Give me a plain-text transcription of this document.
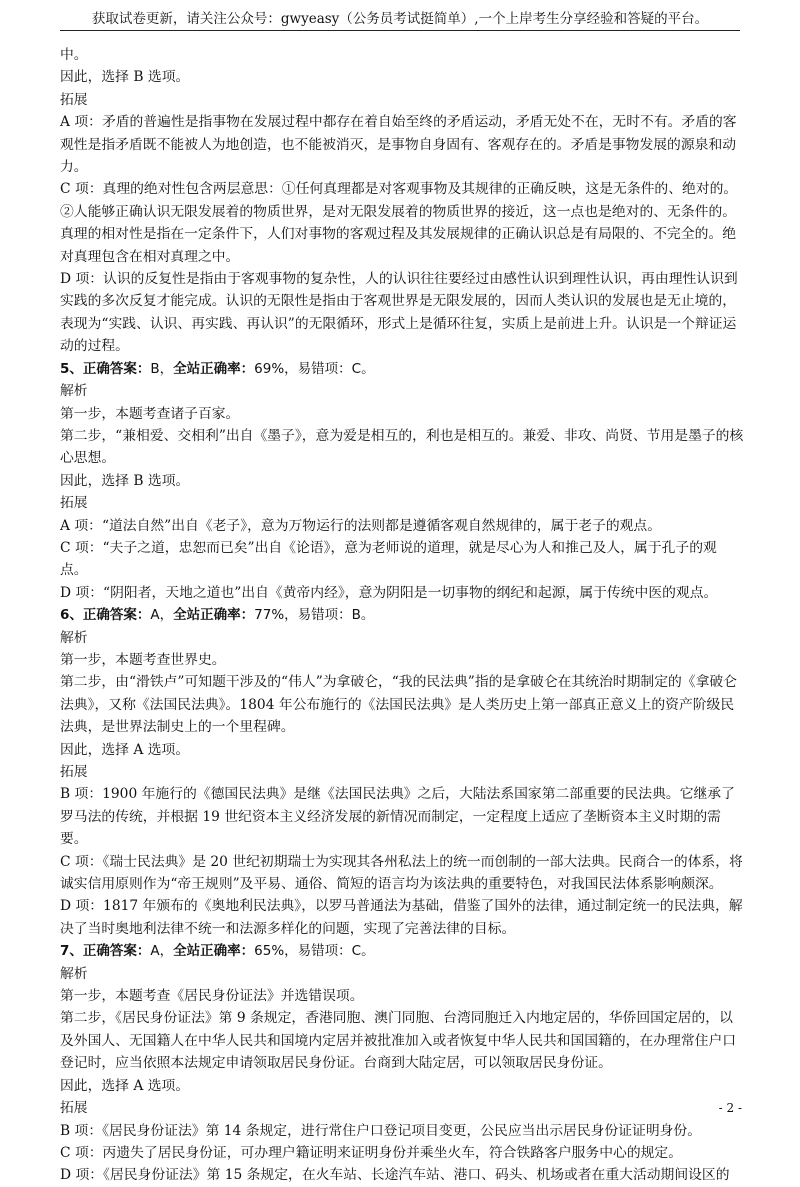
获取试卷更新，请关注公众号：gwyeasy（公务员考试挺简单）,一个上岸考生分享经验和答疑的平台。

中。

因此，选择 B 选项。

拓展

A 项：矛盾的普遍性是指事物在发展过程中都存在着自始至终的矛盾运动，矛盾无处不在，无时不有。矛盾的客观性是指矛盾既不能被人为地创造，也不能被消灭，是事物自身固有、客观存在的。矛盾是事物发展的源泉和动力。

C 项：真理的绝对性包含两层意思：①任何真理都是对客观事物及其规律的正确反映，这是无条件的、绝对的。②人能够正确认识无限发展着的物质世界，是对无限发展着的物质世界的接近，这一点也是绝对的、无条件的。真理的相对性是指在一定条件下，人们对事物的客观过程及其发展规律的正确认识总是有局限的、不完全的。绝对真理包含在相对真理之中。

D 项：认识的反复性是指由于客观事物的复杂性，人的认识往往要经过由感性认识到理性认识，再由理性认识到实践的多次反复才能完成。认识的无限性是指由于客观世界是无限发展的，因而人类认识的发展也是无止境的，表现为“实践、认识、再实践、再认识”的无限循环，形式上是循环往复，实质上是前进上升。认识是一个辩证运动的过程。

5、正确答案：B，全站正确率：69%，易错项：C。

解析

第一步，本题考查诸子百家。

第二步，“兼相爱、交相利”出自《墨子》，意为爱是相互的，利也是相互的。兼爱、非攻、尚贤、节用是墨子的核心思想。

因此，选择 B 选项。

拓展

A 项：“道法自然”出自《老子》，意为万物运行的法则都是遵循客观自然规律的，属于老子的观点。

C 项：“夫子之道，忠恕而已矣”出自《论语》，意为老师说的道理，就是尽心为人和推己及人，属于孔子的观点。

D 项：“阴阳者，天地之道也”出自《黄帝内经》，意为阴阳是一切事物的纲纪和起源，属于传统中医的观点。

6、正确答案：A，全站正确率：77%，易错项：B。

解析

第一步，本题考查世界史。

第二步，由“滑铁卢”可知题干涉及的“伟人”为拿破仑，“我的民法典”指的是拿破仑在其统治时期制定的《拿破仑法典》，又称《法国民法典》。1804 年公布施行的《法国民法典》是人类历史上第一部真正意义上的资产阶级民法典，是世界法制史上的一个里程碑。

因此，选择 A 选项。

拓展

B 项：1900 年施行的《德国民法典》是继《法国民法典》之后，大陆法系国家第二部重要的民法典。它继承了罗马法的传统，并根据 19 世纪资本主义经济发展的新情况而制定，一定程度上适应了垄断资本主义时期的需要。

C 项：《瑞士民法典》是 20 世纪初期瑞士为实现其各州私法上的统一而创制的一部大法典。民商合一的体系，将诚实信用原则作为“帝王规则”及平易、通俗、简短的语言均为该法典的重要特色，对我国民法体系影响颇深。

D 项：1817 年颁布的《奥地利民法典》，以罗马普通法为基础，借鉴了国外的法律，通过制定统一的民法典，解决了当时奥地利法律不统一和法源多样化的问题，实现了完善法律的目标。

7、正确答案：A，全站正确率：65%，易错项：C。

解析

第一步，本题考查《居民身份证法》并选错误项。

第二步，《居民身份证法》第 9 条规定，香港同胞、澳门同胞、台湾同胞迁入内地定居的，华侨回国定居的，以及外国人、无国籍人在中华人民共和国境内定居并被批准加入或者恢复中华人民共和国国籍的，在办理常住户口登记时，应当依照本法规定申请领取居民身份证。台商到大陆定居，可以领取居民身份证。

因此，选择 A 选项。

拓展

B 项：《居民身份证法》第 14 条规定，进行常住户口登记项目变更，公民应当出示居民身份证证明身份。

C 项：丙遗失了居民身份证，可办理户籍证明来证明身份并乘坐火车，符合铁路客户服务中心的规定。

D 项：《居民身份证法》第 15 条规定，在火车站、长途汽车站、港口、码头、机场或者在重大活动期间设区的

- 2 -
